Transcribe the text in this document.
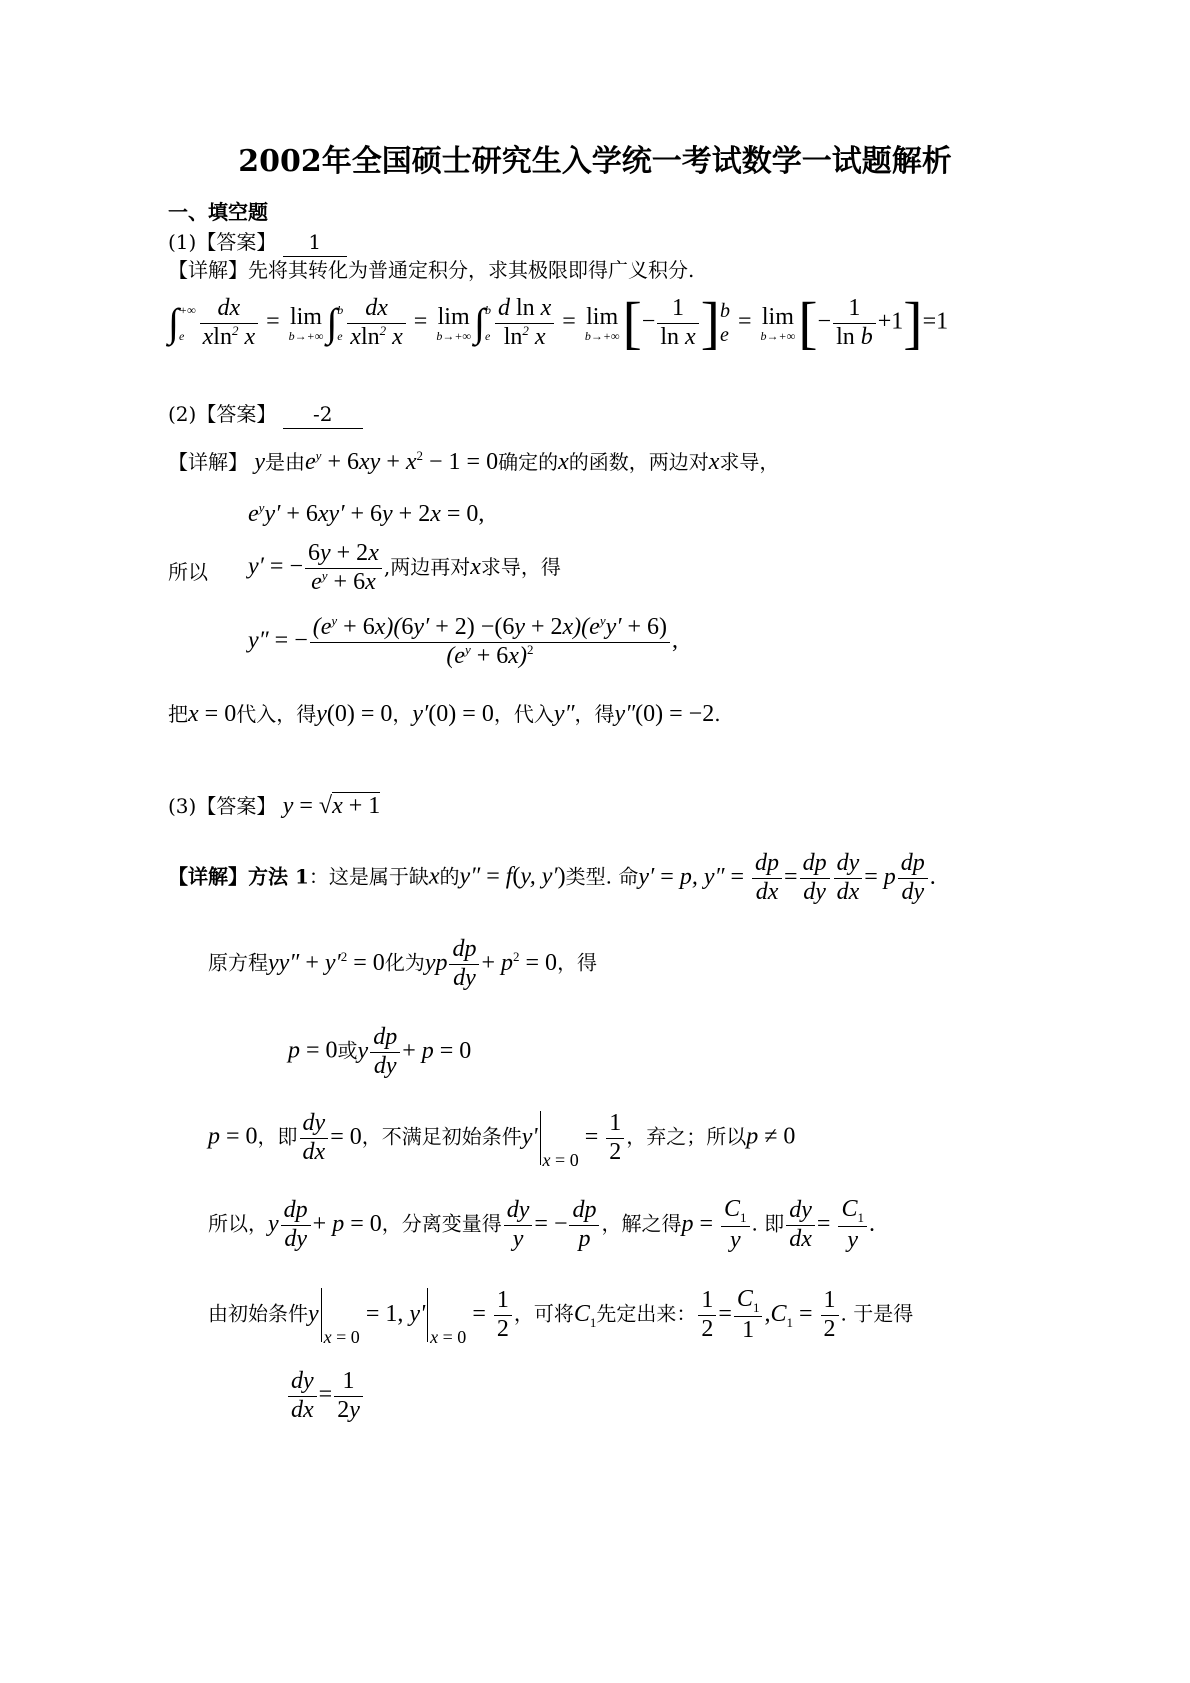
2002年全国硕士研究生入学统一考试数学一试题解析
一、填空题
(1)【答案】 1
【详解】先将其转化为普通定积分，求其极限即得广义积分.
∫ +∞
e $\frac{dx}{xln^2 x} = \lim$
b→+∞ ∫ b
e $\frac{dx}{xln^2 x} = \lim$
b→+∞ ∫ b
e $\frac{\text{d ln x}}{\ln^2 x} = \lim$
b→+∞ [− $\frac{1}{\text{ln x}}$ ] b
e
= lim
b→+∞ [− $\frac{1}{\text{ln b}} +1]=1$
(2)【答案】 -2
【详解】 y是由$e^y + 6xy + x^2 - 1 = 0$确定的x的函数，两边对x求导，
$e^yy' + 6xy' + 6y + 2x = 0$,
所以 y′ = − $\frac{6y + 2x}{e^y + 6x}$ ,两边再对x求导，得
y″ = − $\frac{(e^y + 6x)(6y' + 2) -(6y + 2x)(e^yy' + 6)}{(e^y + 6x)^2}$ ,
把x = 0代入，得y(0) = 0，y′(0) = 0，代入y″，得y″(0) = −2.
(3)【答案】 y = √x + 1
【详解】方法 1：这是属于缺x的y″ = f(y, y′)类型. 命y′ = p, $y'' = \frac{dp}{dx} = \frac{dp}{dy} \frac{dy}{dx} = p \frac{dp}{dy}$ .
原方程$yy'' + y'^2 = 0$化为yp $\frac{dp}{dy} + p^2 = 0$，得
p = 0或y $\frac{dp}{dy} + p = 0$
p = 0，即 $\frac{dy}{dx} = 0$，不满足初始条件$y'_{x = 0} = \frac{1}{2}$ ，弃之；所以p ≠ 0
所以，y $\frac{dp}{dy} + p = 0$，分离变量得 $\frac{dy}{y}$ = − $\frac{dp}{p}$ ，解之得$p = \frac{C_1}{y}$ . 即 $\frac{dy}{dx} = \frac{C_1}{y}$ .
由初始条件$y_{x = 0} = 1$, $y'_{x = 0} = \frac{1}{2}$ ，可将$C_1$先定出来： $\frac{1}{2} = \frac{C_1}{1} ,C_1 = \frac{1}{2}$ . 于是得
$\frac{dy}{dx} = \frac{1}{2y}$
